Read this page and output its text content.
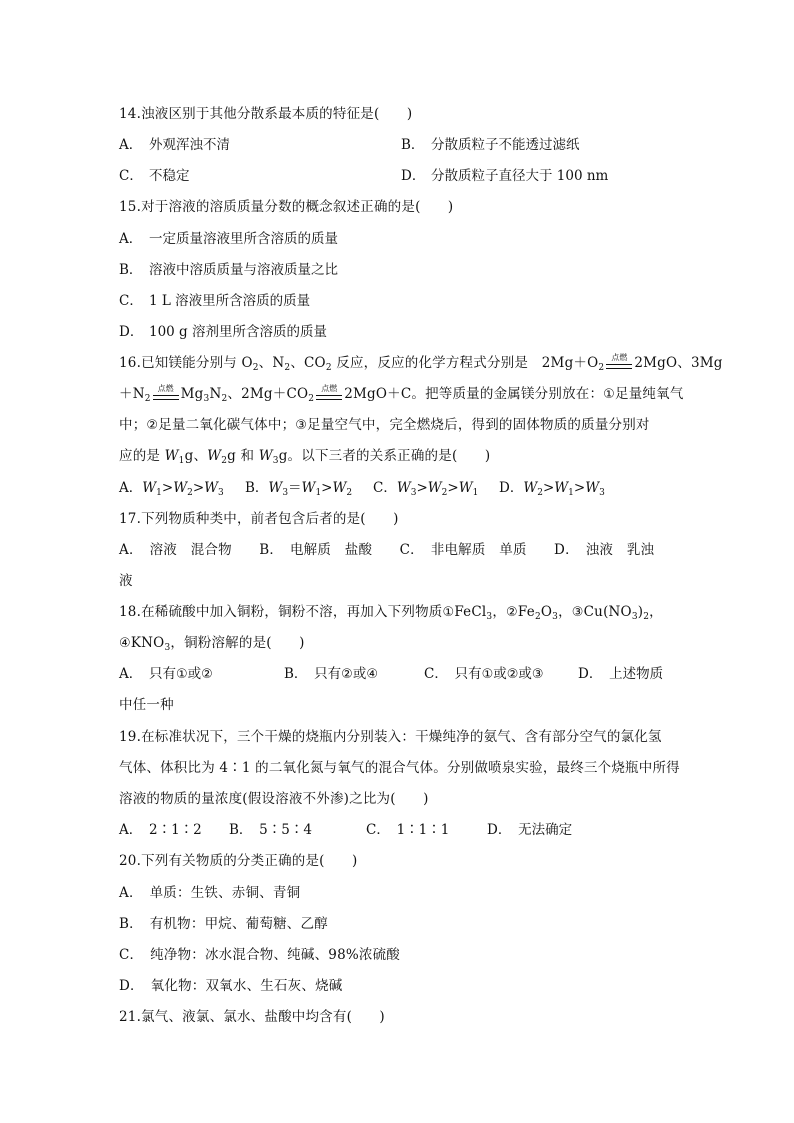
14.浊液区别于其他分散系最本质的特征是(　　)
A． 外观浑浊不清	B． 分散质粒子不能透过滤纸
C． 不稳定	D． 分散质粒子直径大于 100 nm
15.对于溶液的溶质质量分数的概念叙述正确的是(　　)
A． 一定质量溶液里所含溶质的质量
B． 溶液中溶质质量与溶液质量之比
C． 1 L 溶液里所含溶质的质量
D． 100 g 溶剂里所含溶质的质量
16.已知镁能分别与 $O_2$、$N_2$、$CO_2$ 反应，反应的化学方程式分别是　$2Mg+O_2$
点燃 2MgO、3Mg
$+N_2$
点燃 $Mg_3N_2$、$2Mg+CO_2$
点燃 2MgO＋C。把等质量的金属镁分别放在：①足量纯氧气
中；②足量二氧化碳气体中；③足量空气中，完全燃烧后，得到的固体物质的质量分别对
应的是 $W_1g$、$W_2g$ 和 $W_3g$。以下三者的关系正确的是(　　)
A．$W_1>W_2>W_3$ B．$W_3=W_1>W_2$ C．$W_3>W_2>W_1$ D．$W_2>W_1>W_3$
17.下列物质种类中，前者包含后者的是(　　)
A．　溶液　混合物　　B．　电解质　盐酸　　C．　非电解质　单质　　D．　浊液　乳浊
液
18.在稀硫酸中加入铜粉，铜粉不溶，再加入下列物质①FeCl$_3$，$②Fe_2O_3$，$③Cu(NO_3)_2$，
$④KNO_3$，铜粉溶解的是(　　)
A．　只有①或②	B．　只有②或④	C．　只有①或②或③	D．　上述物质
中任一种
19.在标准状况下，三个干燥的烧瓶内分别装入：干燥纯净的氨气、含有部分空气的氯化氢
气体、体积比为 4∶1 的二氧化氮与氧气的混合气体。分别做喷泉实验，最终三个烧瓶中所得
溶液的物质的量浓度(假设溶液不外渗)之比为(　　)
A．　2∶1∶2 B．　5∶5∶4	C．　1∶1∶1	D．　无法确定
20.下列有关物质的分类正确的是(　　)
A．　单质：生铁、赤铜、青铜
B．　有机物：甲烷、葡萄糖、乙醇
C．　纯净物：冰水混合物、纯碱、98%浓硫酸
D．　氧化物：双氧水、生石灰、烧碱
21.氯气、液氯、氯水、盐酸中均含有(　　)
